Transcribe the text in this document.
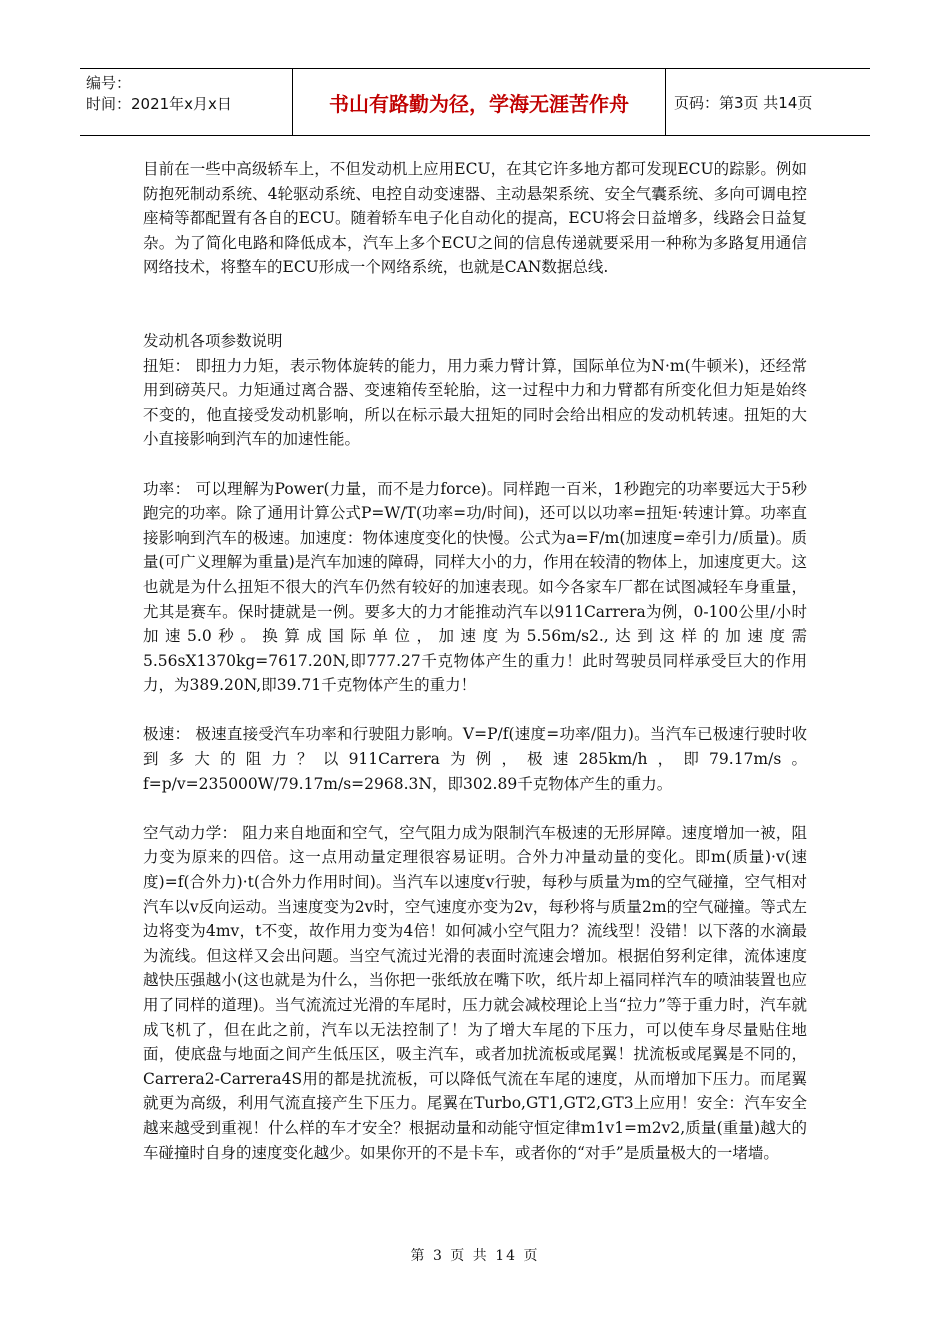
编号：
时间：2021年x月x日	书山有路勤为径，学海无涯苦作舟	页码：第3页 共14页

目前在一些中高级轿车上，不但发动机上应用ECU，在其它许多地方都可发现ECU的踪影。例如防抱死制动系统、4轮驱动系统、电控自动变速器、主动悬架系统、安全气囊系统、多向可调电控座椅等都配置有各自的ECU。随着轿车电子化自动化的提高，ECU将会日益增多，线路会日益复杂。为了简化电路和降低成本，汽车上多个ECU之间的信息传递就要采用一种称为多路复用通信网络技术，将整车的ECU形成一个网络系统，也就是CAN数据总线.

发动机各项参数说明

扭矩： 即扭力力矩，表示物体旋转的能力，用力乘力臂计算，国际单位为N·m(牛顿米)，还经常用到磅英尺。力矩通过离合器、变速箱传至轮胎，这一过程中力和力臂都有所变化但力矩是始终不变的，他直接受发动机影响，所以在标示最大扭矩的同时会给出相应的发动机转速。扭矩的大小直接影响到汽车的加速性能。

功率： 可以理解为Power(力量，而不是力force)。同样跑一百米，1秒跑完的功率要远大于5秒跑完的功率。除了通用计算公式P=W/T(功率=功/时间)，还可以以功率=扭矩·转速计算。功率直接影响到汽车的极速。加速度：物体速度变化的快慢。公式为a=F/m(加速度=牵引力/质量)。质量(可广义理解为重量)是汽车加速的障碍，同样大小的力，作用在较清的物体上，加速度更大。这也就是为什么扭矩不很大的汽车仍然有较好的加速表现。如今各家车厂都在试图减轻车身重量，尤其是赛车。保时捷就是一例。要多大的力才能推动汽车以911Carrera为例，0-100公里/小时加速5.0秒。换算成国际单位，加速度为5.56m/s2.,达到这样的加速度需5.56sX1370kg=7617.20N,即777.27千克物体产生的重力！此时驾驶员同样承受巨大的作用力，为389.20N,即39.71千克物体产生的重力！

极速： 极速直接受汽车功率和行驶阻力影响。V=P/f(速度=功率/阻力)。当汽车已极速行驶时收到多大的阻力？以911Carrera为例，极速285km/h，即79.17m/s。f=p/v=235000W/79.17m/s=2968.3N，即302.89千克物体产生的重力。

空气动力学： 阻力来自地面和空气，空气阻力成为限制汽车极速的无形屏障。速度增加一被，阻力变为原来的四倍。这一点用动量定理很容易证明。合外力冲量动量的变化。即m(质量)·v(速度)=f(合外力)·t(合外力作用时间)。当汽车以速度v行驶，每秒与质量为m的空气碰撞，空气相对汽车以v反向运动。当速度变为2v时，空气速度亦变为2v，每秒将与质量2m的空气碰撞。等式左边将变为4mv，t不变，故作用力变为4倍！如何减小空气阻力？流线型！没错！以下落的水滴最为流线。但这样又会出问题。当空气流过光滑的表面时流速会增加。根据伯努利定律，流体速度越快压强越小(这也就是为什么，当你把一张纸放在嘴下吹，纸片却上福同样汽车的喷油装置也应用了同样的道理)。当气流流过光滑的车尾时，压力就会减校理论上当“拉力”等于重力时，汽车就成飞机了，但在此之前，汽车以无法控制了！为了增大车尾的下压力，可以使车身尽量贴住地面，使底盘与地面之间产生低压区，吸主汽车，或者加扰流板或尾翼！扰流板或尾翼是不同的，Carrera2-Carrera4S用的都是扰流板，可以降低气流在车尾的速度，从而增加下压力。而尾翼就更为高级，利用气流直接产生下压力。尾翼在Turbo,GT1,GT2,GT3上应用！安全：汽车安全越来越受到重视！什么样的车才安全？根据动量和动能守恒定律m1v1=m2v2,质量(重量)越大的车碰撞时自身的速度变化越少。如果你开的不是卡车，或者你的“对手”是质量极大的一堵墙。

第 3 页 共 14 页
